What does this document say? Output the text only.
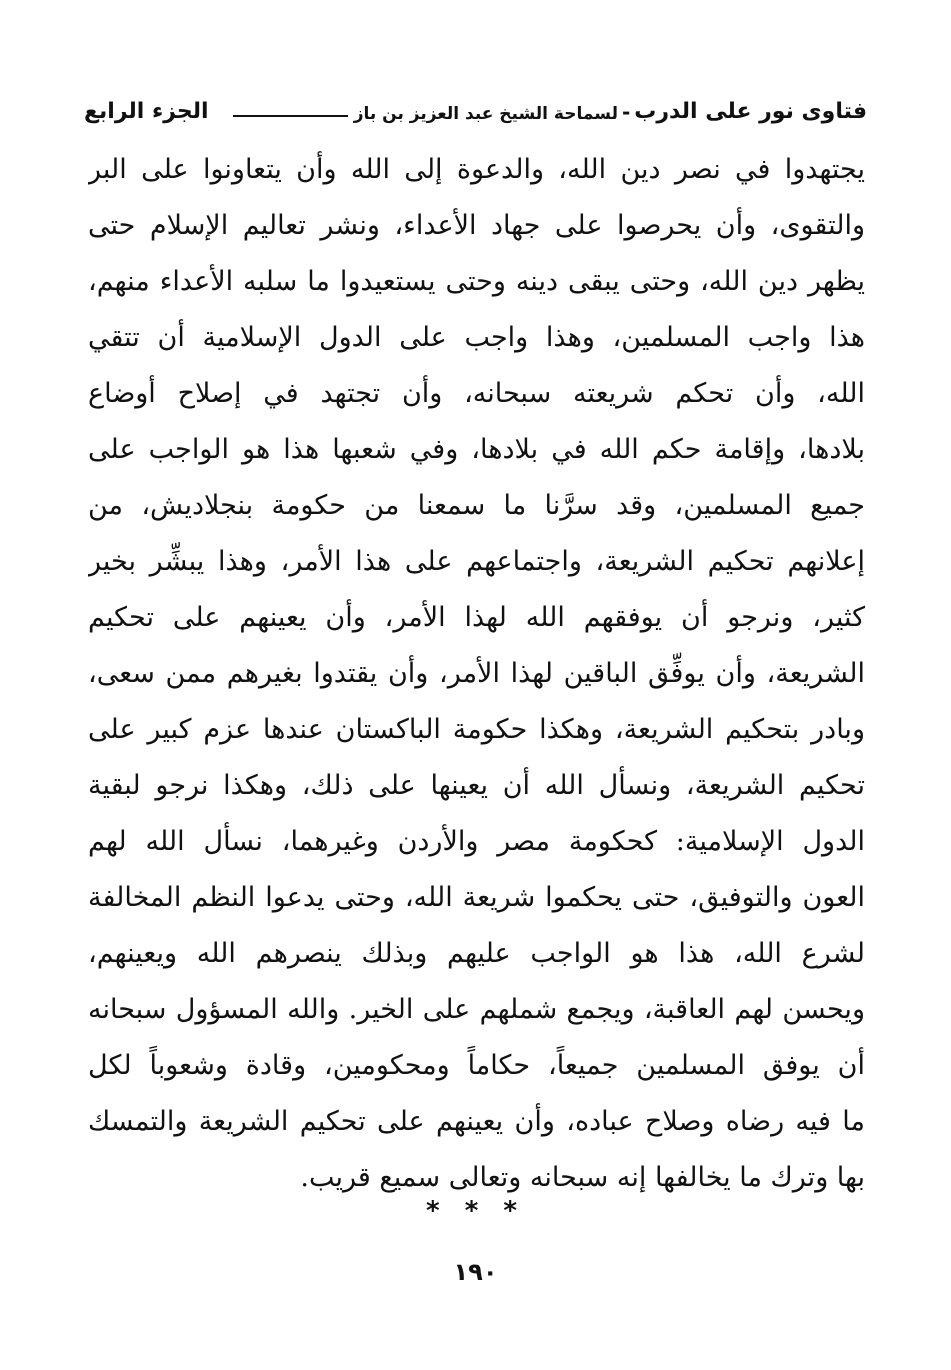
فتاوى نور على الدرب
-
لسماحة الشيخ عبد العزيز بن باز
الجزء الرابع
يجتهدوا في نصر دين الله، والدعوة إلى الله وأن يتعاونوا على البر
والتقوى، وأن يحرصوا على جهاد الأعداء، ونشر تعاليم الإسلام حتى
يظهر دين الله، وحتى يبقى دينه وحتى يستعيدوا ما سلبه الأعداء منهم،
هذا واجب المسلمين، وهذا واجب على الدول الإسلامية أن تتقي
الله، وأن تحكم شريعته سبحانه، وأن تجتهد في إصلاح أوضاع
بلادها، وإقامة حكم الله في بلادها، وفي شعبها هذا هو الواجب على
جميع المسلمين، وقد سرَّنا ما سمعنا من حكومة بنجلاديش، من
إعلانهم تحكيم الشريعة، واجتماعهم على هذا الأمر، وهذا يبشِّر بخير
كثير، ونرجو أن يوفقهم الله لهذا الأمر، وأن يعينهم على تحكيم
الشريعة، وأن يوفِّق الباقين لهذا الأمر، وأن يقتدوا بغيرهم ممن سعى،
وبادر بتحكيم الشريعة، وهكذا حكومة الباكستان عندها عزم كبير على
تحكيم الشريعة، ونسأل الله أن يعينها على ذلك، وهكذا نرجو لبقية
الدول الإسلامية: كحكومة مصر والأردن وغيرهما، نسأل الله لهم
العون والتوفيق، حتى يحكموا شريعة الله، وحتى يدعوا النظم المخالفة
لشرع الله، هذا هو الواجب عليهم وبذلك ينصرهم الله ويعينهم،
ويحسن لهم العاقبة، ويجمع شملهم على الخير. والله المسؤول سبحانه
أن يوفق المسلمين جميعاً، حكاماً ومحكومين، وقادة وشعوباً لكل
ما فيه رضاه وصلاح عباده، وأن يعينهم على تحكيم الشريعة والتمسك
بها وترك ما يخالفها إنه سبحانه وتعالى سميع قريب.
* * *
١٩٠
